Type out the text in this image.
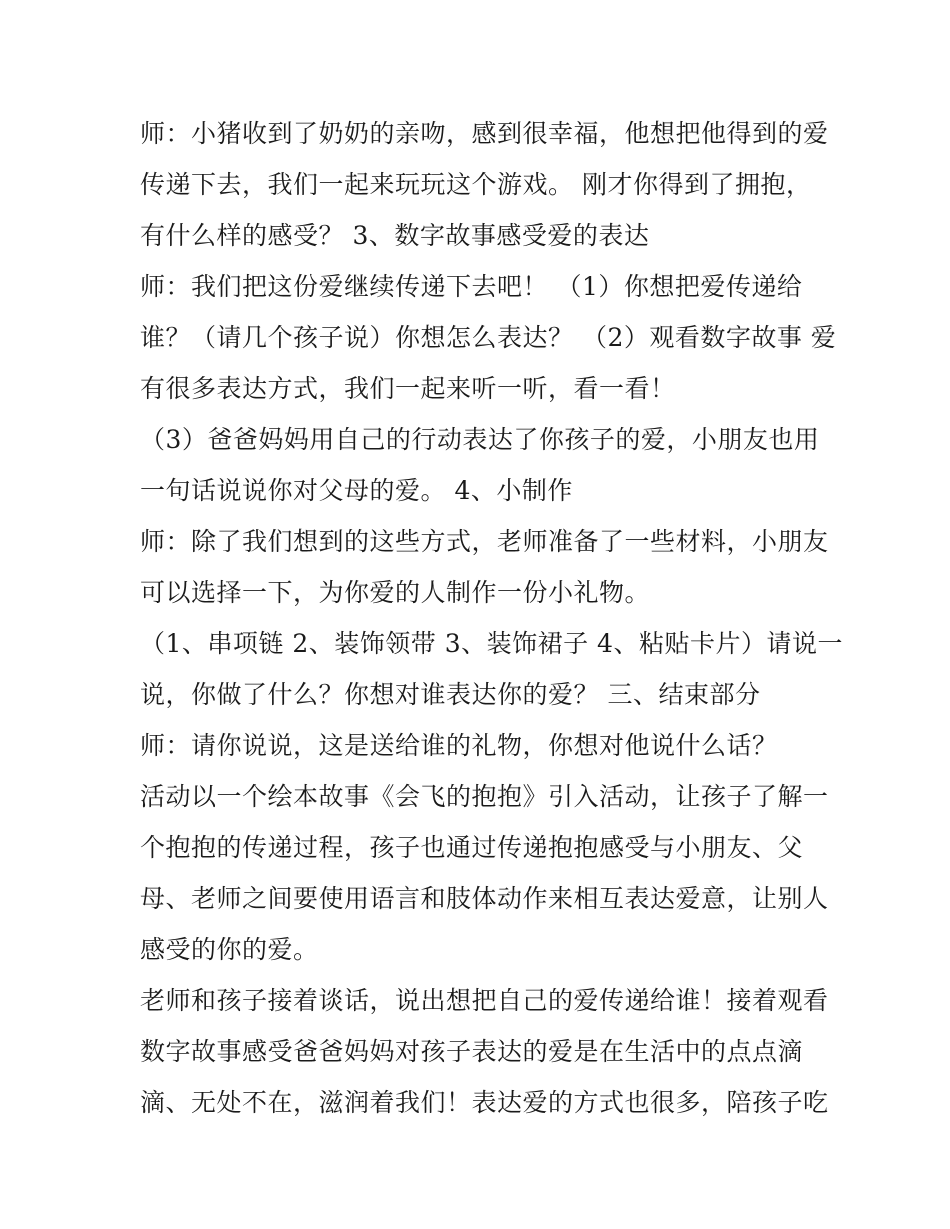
师：小猪收到了奶奶的亲吻，感到很幸福，他想把他得到的爱
传递下去，我们一起来玩玩这个游戏。 刚才你得到了拥抱，
有什么样的感受？ 3、数字故事感受爱的表达
师：我们把这份爱继续传递下去吧！ （1）你想把爱传递给
谁？（请几个孩子说）你想怎么表达？ （2）观看数字故事 爱
有很多表达方式，我们一起来听一听，看一看！
（3）爸爸妈妈用自己的行动表达了你孩子的爱，小朋友也用
一句话说说你对父母的爱。 4、小制作
师：除了我们想到的这些方式，老师准备了一些材料，小朋友
可以选择一下，为你爱的人制作一份小礼物。
（1、串项链 2、装饰领带 3、装饰裙子 4、粘贴卡片）请说一
说，你做了什么？你想对谁表达你的爱？ 三、结束部分
师：请你说说，这是送给谁的礼物，你想对他说什么话？
活动以一个绘本故事《会飞的抱抱》引入活动，让孩子了解一
个抱抱的传递过程，孩子也通过传递抱抱感受与小朋友、父
母、老师之间要使用语言和肢体动作来相互表达爱意，让别人
感受的你的爱。
老师和孩子接着谈话，说出想把自己的爱传递给谁！接着观看
数字故事感受爸爸妈妈对孩子表达的爱是在生活中的点点滴
滴、无处不在，滋润着我们！表达爱的方式也很多，陪孩子吃
